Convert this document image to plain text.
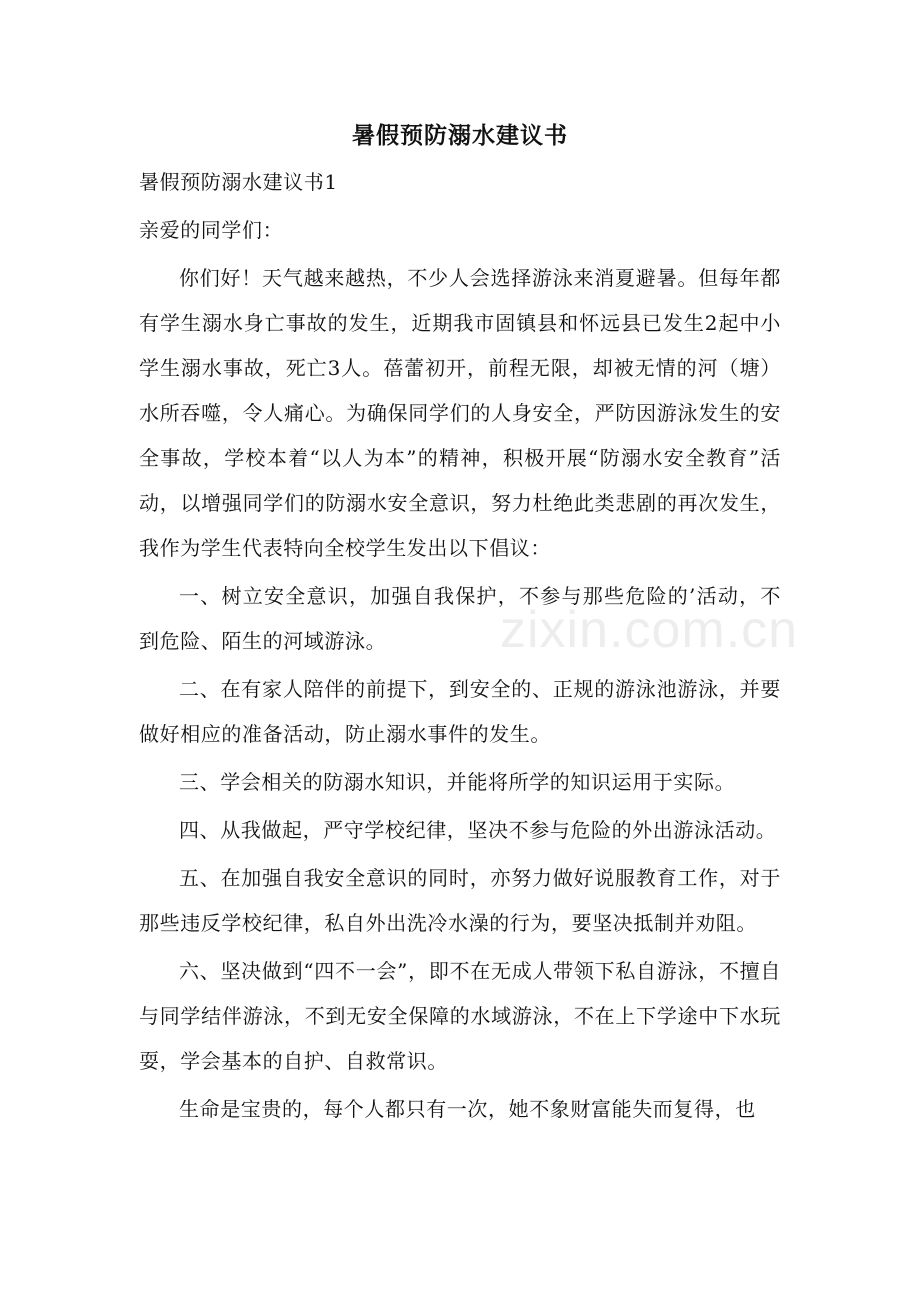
暑假预防溺水建议书

暑假预防溺水建议书1

亲爱的同学们：

你们好！天气越来越热，不少人会选择游泳来消夏避暑。但每年都有学生溺水身亡事故的发生，近期我市固镇县和怀远县已发生2起中小学生溺水事故，死亡3人。蓓蕾初开，前程无限，却被无情的河（塘）水所吞噬，令人痛心。为确保同学们的人身安全，严防因游泳发生的安全事故，学校本着“以人为本”的精神，积极开展“防溺水安全教育”活动，以增强同学们的防溺水安全意识，努力杜绝此类悲剧的再次发生，我作为学生代表特向全校学生发出以下倡议：

一、树立安全意识，加强自我保护，不参与那些危险的’活动，不到危险、陌生的河域游泳。

二、在有家人陪伴的前提下，到安全的、正规的游泳池游泳，并要做好相应的准备活动，防止溺水事件的发生。

三、学会相关的防溺水知识，并能将所学的知识运用于实际。

四、从我做起，严守学校纪律，坚决不参与危险的外出游泳活动。

五、在加强自我安全意识的同时，亦努力做好说服教育工作，对于那些违反学校纪律，私自外出洗冷水澡的行为，要坚决抵制并劝阻。

六、坚决做到“四不一会”，即不在无成人带领下私自游泳，不擅自与同学结伴游泳，不到无安全保障的水域游泳，不在上下学途中下水玩耍，学会基本的自护、自救常识。

生命是宝贵的，每个人都只有一次，她不象财富能失而复得，也

zixin.com.cn
